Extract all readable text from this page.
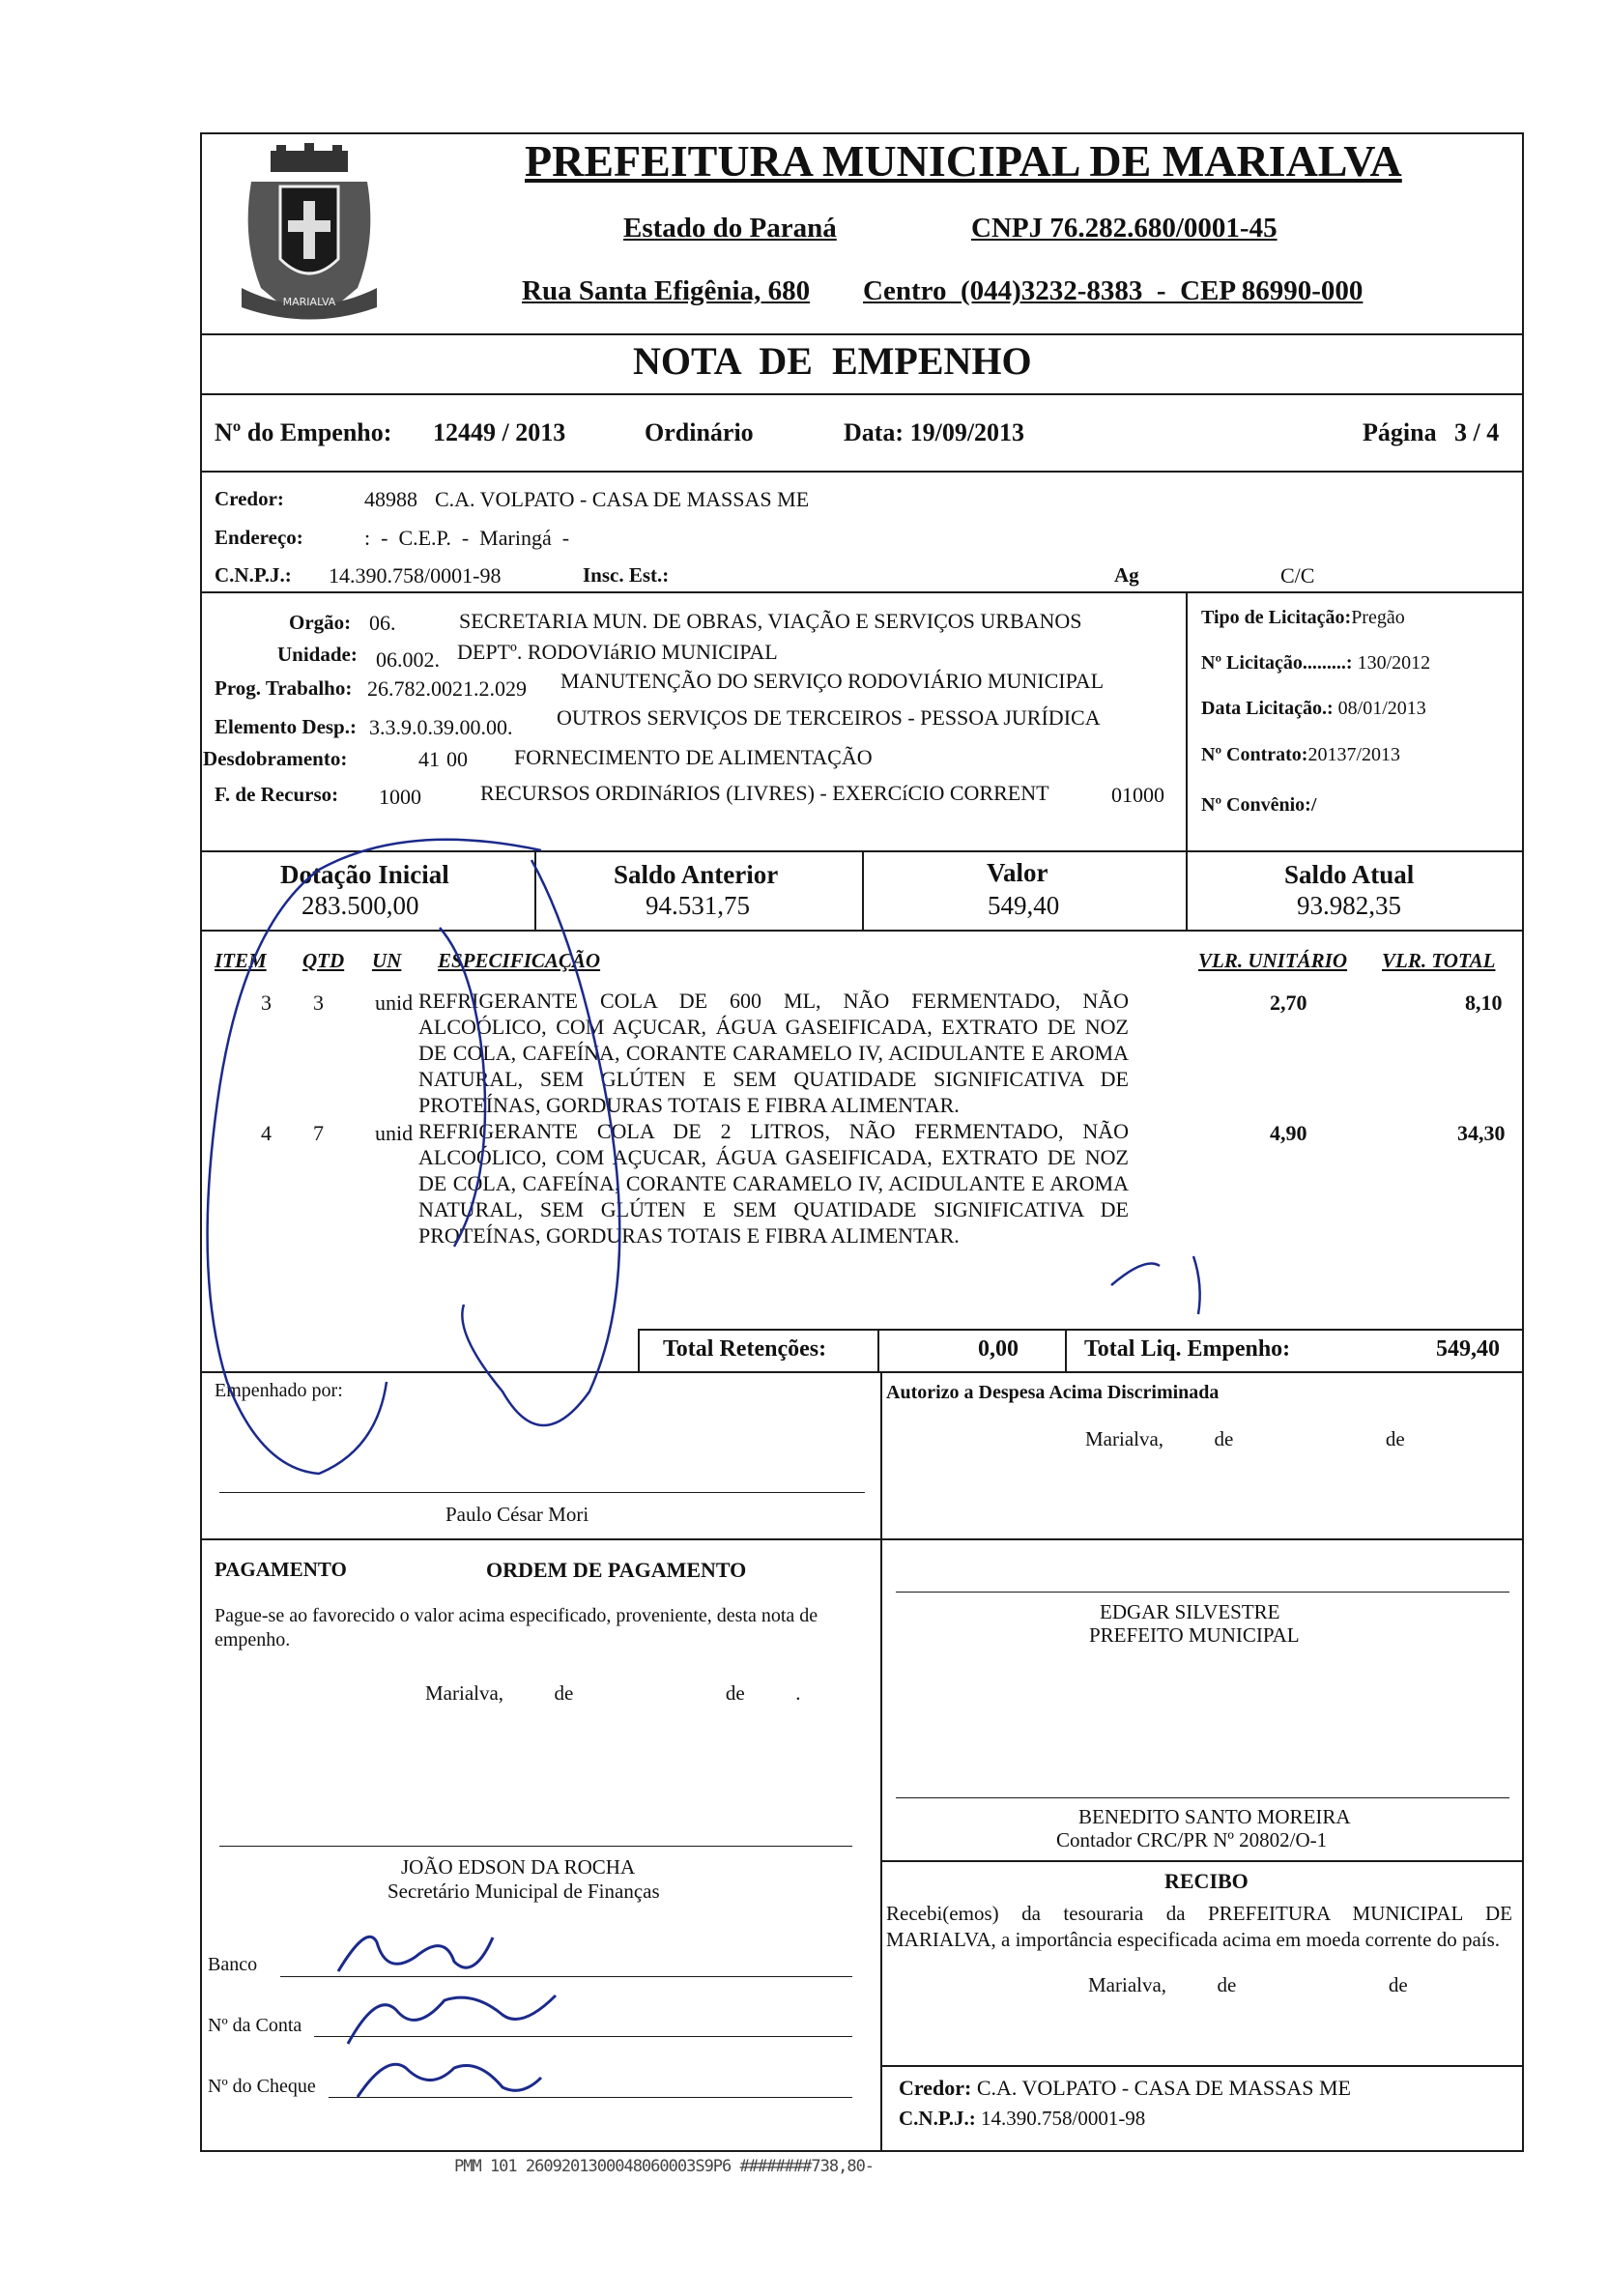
MARIALVA
PREFEITURA MUNICIPAL DE MARIALVA
Estado do Paraná	CNPJ 76.282.680/0001-45
Rua Santa Efigênia, 680 Centro  (044)3232-8383  -  CEP 86990-000
NOTA  DE  EMPENHO
Nº do Empenho: 12449 / 2013	Ordinário	Data: 19/09/2013	Página 3 / 4
Credor:	48988 C.A. VOLPATO - CASA DE MASSAS ME
Endereço:	:  -  C.E.P.  -  Maringá  -
C.N.P.J.: 14.390.758/0001-98	Insc. Est.:	Ag	C/C
Orgão: 06.	SECRETARIA MUN. DE OBRAS, VIAÇÃO E SERVIÇOS URBANOS
Unidade: 06.002. DEPTº. RODOVIáRIO MUNICIPAL
Prog. Trabalho: 26.782.0021.2.029 MANUTENÇÃO DO SERVIÇO RODOVIÁRIO MUNICIPAL
Elemento Desp.: 3.3.9.0.39.00.00. OUTROS SERVIÇOS DE TERCEIROS - PESSOA JURÍDICA
Desdobramento:	41 00 FORNECIMENTO DE ALIMENTAÇÃO
F. de Recurso: 1000	RECURSOS ORDINáRIOS (LIVRES) - EXERCíCIO CORRENT	01000
Tipo de Licitação:Pregão
Nº Licitação.........: 130/2012
Data Licitação.: 08/01/2013
Nº Contrato:20137/2013
Nº Convênio:/
Dotação Inicial
283.500,00
Saldo Anterior
94.531,75
Valor
549,40
Saldo Atual
93.982,35
ITEM QTD UN ESPECIFICAÇÃO	VLR. UNITÁRIO VLR. TOTAL
3 3 unid REFRIGERANTE COLA DE 600 ML, NÃO FERMENTADO, NÃO ALCOÓLICO, COM AÇUCAR, ÁGUA GASEIFICADA, EXTRATO DE NOZ DE COLA, CAFEÍNA, CORANTE CARAMELO IV, ACIDULANTE E AROMA NATURAL, SEM GLÚTEN E SEM QUATIDADE SIGNIFICATIVA DE PROTEÍNAS, GORDURAS TOTAIS E FIBRA ALIMENTAR.
2,70	8,10
4 7 unid REFRIGERANTE COLA DE 2 LITROS, NÃO FERMENTADO, NÃO ALCOÓLICO, COM AÇUCAR, ÁGUA GASEIFICADA, EXTRATO DE NOZ DE COLA, CAFEÍNA, CORANTE CARAMELO IV, ACIDULANTE E AROMA NATURAL, SEM GLÚTEN E SEM QUATIDADE SIGNIFICATIVA DE PROTEÍNAS, GORDURAS TOTAIS E FIBRA ALIMENTAR.
4,90	34,30
Total Retenções:	0,00	Total Liq. Empenho:	549,40
Empenhado por:
Paulo César Mori
Autorizo a Despesa Acima Discriminada
Marialva,          de                              de
PAGAMENTO	ORDEM DE PAGAMENTO
Pague-se ao favorecido o valor acima especificado, proveniente, desta nota de empenho.
Marialva,          de                              de          .
EDGAR SILVESTRE
PREFEITO MUNICIPAL
BENEDITO SANTO MOREIRA
Contador CRC/PR Nº 20802/O-1
JOÃO EDSON DA ROCHA
Secretário Municipal de Finanças	RECIBO
Recebi(emos) da tesouraria da PREFEITURA MUNICIPAL DE MARIALVA, a importância especificada acima em moeda corrente do país.
Marialva,          de                              de
Banco
Nº da Conta
Nº do Cheque	Credor: C.A. VOLPATO - CASA DE MASSAS ME
C.N.P.J.: 14.390.758/0001-98
PMM 101 2609201300048060003S9P6 ########738,80-
